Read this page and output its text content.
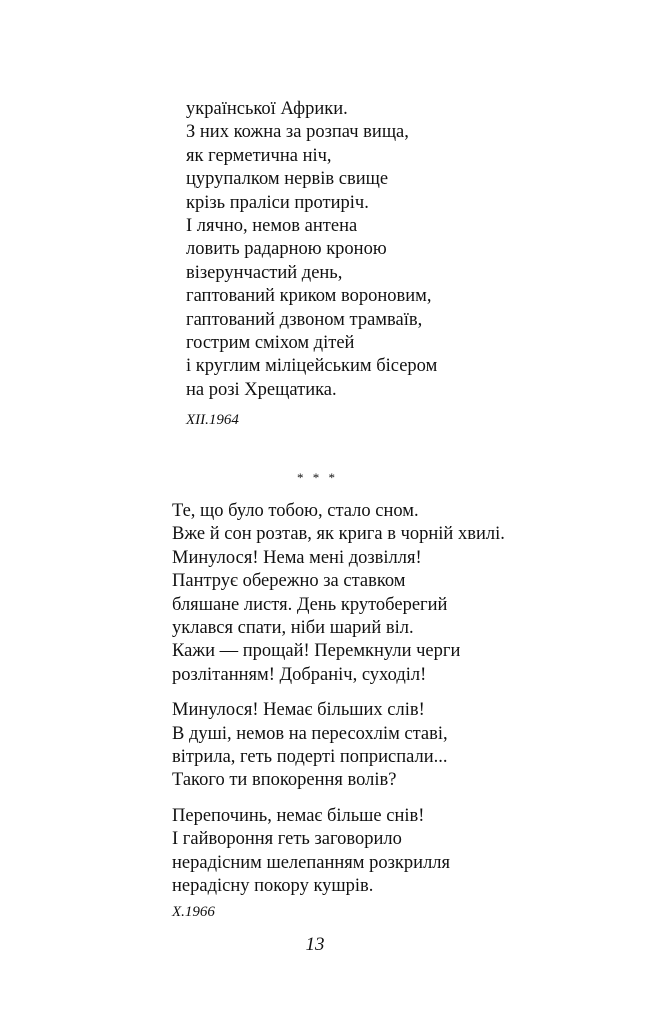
української Африки.
З них кожна за розпач вища,
як герметична ніч,
цурупалком нервів свище
крізь праліси протиріч.
І лячно, немов антена
ловить радарною кроною
візерунчастий день,
гаптований криком вороновим,
гаптований дзвоном трамваїв,
гострим сміхом дітей
і круглим міліцейським бісером
на розі Хрещатика.
XII.1964
* * *
Те, що було тобою, стало сном.
Вже й сон розтав, як крига в чорній хвилі.
Минулося! Нема мені дозвілля!
Пантрує обережно за ставком
бляшане листя. День крутоберегий
уклався спати, ніби шарий віл.
Кажи — прощай! Перемкнули черги
розлітанням! Добраніч, суходіл!
Минулося! Немає більших слів!
В душі, немов на пересохлім ставі,
вітрила, геть подерті поприспали...
Такого ти впокорення волів?
Перепочинь, немає більше снів!
І гайвороння геть заговорило
нерадісним шелепанням розкрилля
нерадісну покору кушрів.
X.1966
13
